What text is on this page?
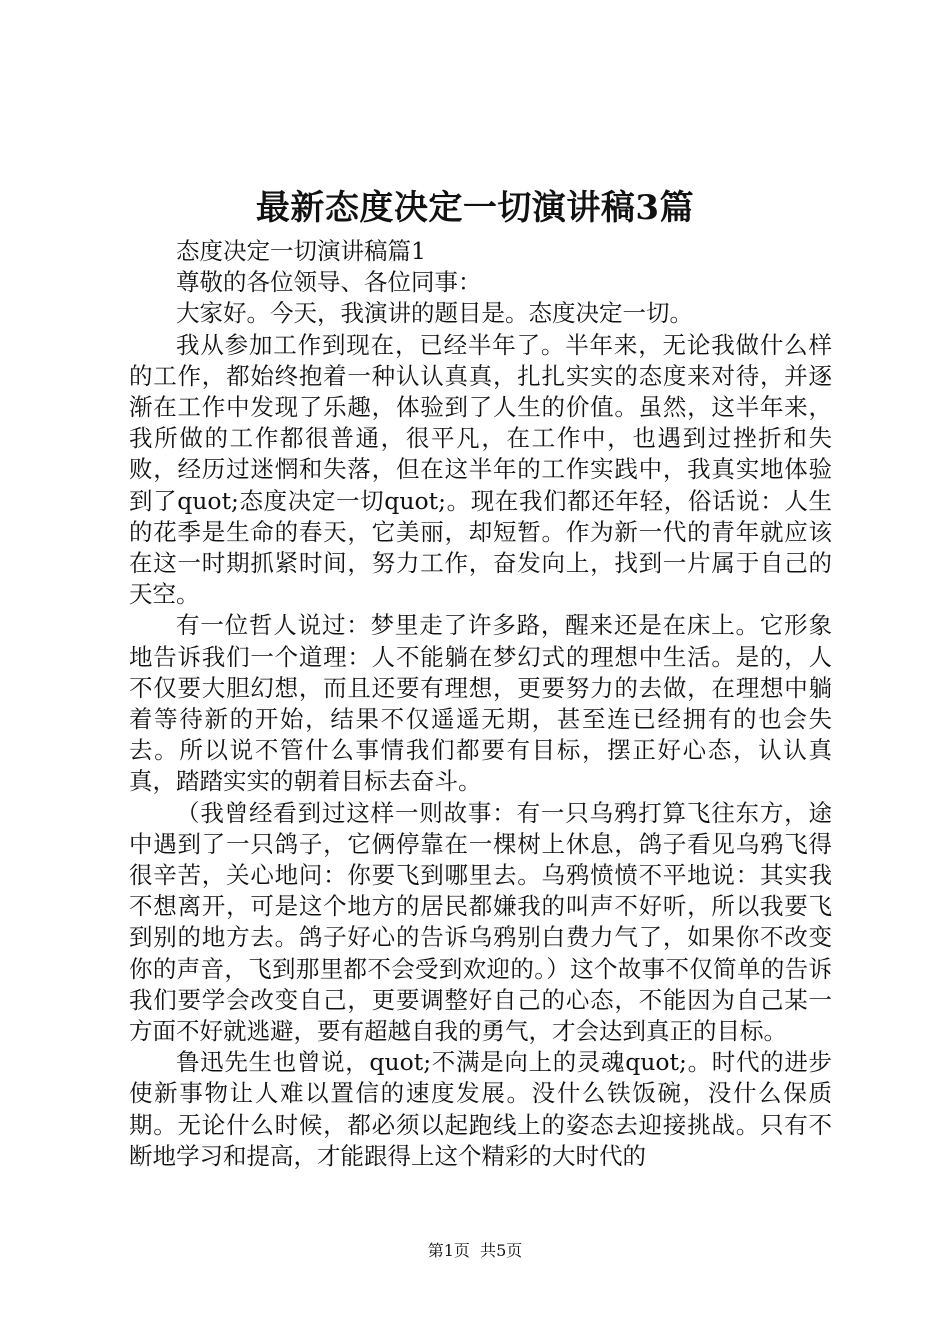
最新态度决定一切演讲稿3篇

态度决定一切演讲稿篇1

尊敬的各位领导、各位同事：

大家好。今天，我演讲的题目是。态度决定一切。

我从参加工作到现在，已经半年了。半年来，无论我做什么样的工作，都始终抱着一种认认真真，扎扎实实的态度来对待，并逐渐在工作中发现了乐趣，体验到了人生的价值。虽然，这半年来，我所做的工作都很普通，很平凡，在工作中，也遇到过挫折和失败，经历过迷惘和失落，但在这半年的工作实践中，我真实地体验到了quot;态度决定一切quot;。现在我们都还年轻，俗话说：人生的花季是生命的春天，它美丽，却短暂。作为新一代的青年就应该在这一时期抓紧时间，努力工作，奋发向上，找到一片属于自己的天空。

有一位哲人说过：梦里走了许多路，醒来还是在床上。它形象地告诉我们一个道理：人不能躺在梦幻式的理想中生活。是的，人不仅要大胆幻想，而且还要有理想，更要努力的去做，在理想中躺着等待新的开始，结果不仅遥遥无期，甚至连已经拥有的也会失去。所以说不管什么事情我们都要有目标，摆正好心态，认认真真，踏踏实实的朝着目标去奋斗。

（我曾经看到过这样一则故事：有一只乌鸦打算飞往东方，途中遇到了一只鸽子，它俩停靠在一棵树上休息，鸽子看见乌鸦飞得很辛苦，关心地问：你要飞到哪里去。乌鸦愤愤不平地说：其实我不想离开，可是这个地方的居民都嫌我的叫声不好听，所以我要飞到别的地方去。鸽子好心的告诉乌鸦别白费力气了，如果你不改变你的声音，飞到那里都不会受到欢迎的。）这个故事不仅简单的告诉我们要学会改变自己，更要调整好自己的心态，不能因为自己某一方面不好就逃避，要有超越自我的勇气，才会达到真正的目标。

鲁迅先生也曾说，quot;不满是向上的灵魂quot;。时代的进步使新事物让人难以置信的速度发展。没什么铁饭碗，没什么保质期。无论什么时候，都必须以起跑线上的姿态去迎接挑战。只有不断地学习和提高，才能跟得上这个精彩的大时代的

第1页 共5页
